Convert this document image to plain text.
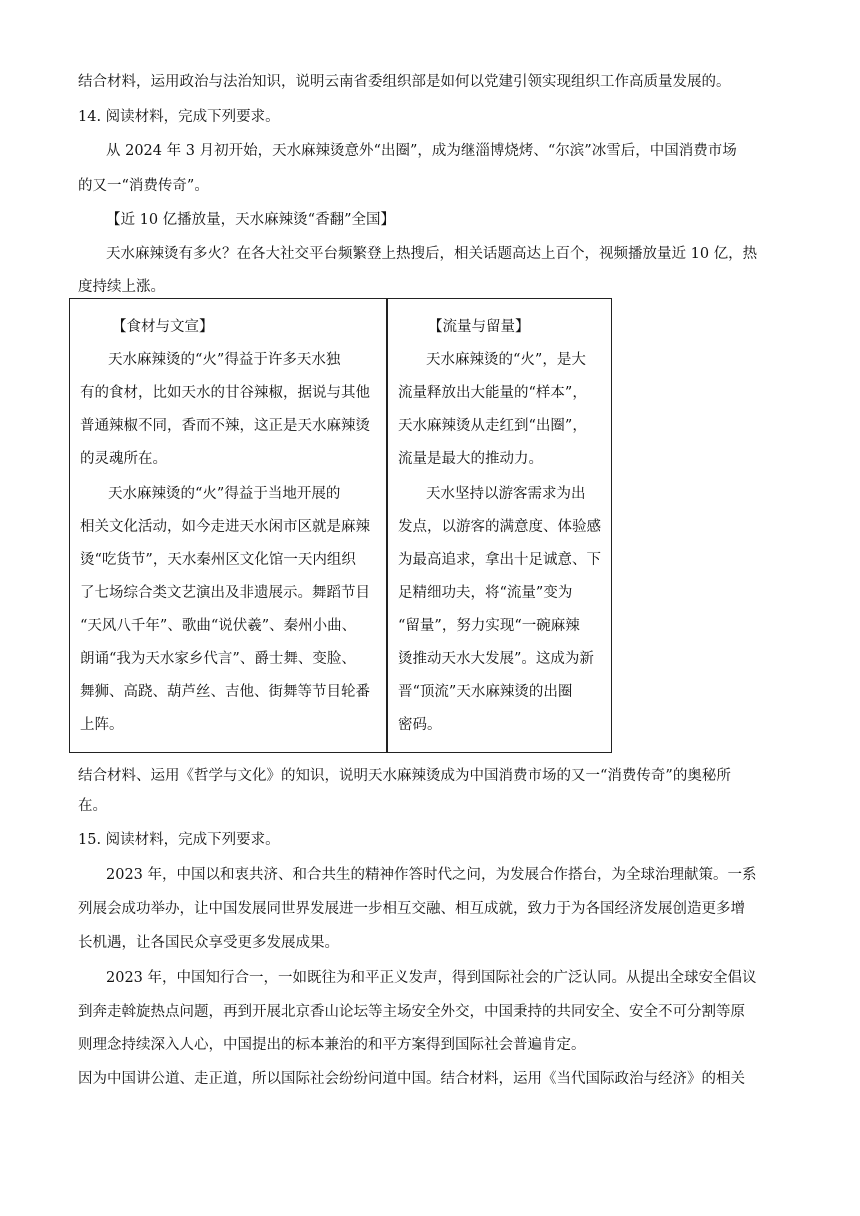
结合材料，运用政治与法治知识，说明云南省委组织部是如何以党建引领实现组织工作高质量发展的。
14. 阅读材料，完成下列要求。
从 2024 年 3 月初开始，天水麻辣烫意外“出圈”，成为继淄博烧烤、“尔滨”冰雪后，中国消费市场
的又一“消费传奇”。
【近 10 亿播放量，天水麻辣烫“香翻”全国】
天水麻辣烫有多火？在各大社交平台频繁登上热搜后，相关话题高达上百个，视频播放量近 10 亿，热
度持续上涨。
【食材与文宣】
天水麻辣烫的“火”得益于许多天水独
有的食材，比如天水的甘谷辣椒，据说与其他
普通辣椒不同，香而不辣，这正是天水麻辣烫
的灵魂所在。
天水麻辣烫的“火”得益于当地开展的
相关文化活动，如今走进天水闲市区就是麻辣
烫“吃货节”，天水秦州区文化馆一天内组织
了七场综合类文艺演出及非遗展示。舞蹈节目
“天风八千年”、歌曲“说伏羲”、秦州小曲、
朗诵“我为天水家乡代言”、爵士舞、变脸、
舞狮、高跷、葫芦丝、吉他、街舞等节目轮番
上阵。
【流量与留量】
天水麻辣烫的“火”，是大
流量释放出大能量的“样本”，
天水麻辣烫从走红到“出圈”，
流量是最大的推动力。
天水坚持以游客需求为出
发点，以游客的满意度、体验感
为最高追求，拿出十足诚意、下
足精细功夫，将“流量”变为
“留量”，努力实现“一碗麻辣
烫推动天水大发展”。这成为新
晋“顶流”天水麻辣烫的出圈
密码。
结合材料、运用《哲学与文化》的知识，说明天水麻辣烫成为中国消费市场的又一“消费传奇”的奥秘所
在。
15. 阅读材料，完成下列要求。
2023 年，中国以和衷共济、和合共生的精神作答时代之问，为发展合作搭台，为全球治理献策。一系
列展会成功举办，让中国发展同世界发展进一步相互交融、相互成就，致力于为各国经济发展创造更多增
长机遇，让各国民众享受更多发展成果。
2023 年，中国知行合一，一如既往为和平正义发声，得到国际社会的广泛认同。从提出全球安全倡议
到奔走斡旋热点问题，再到开展北京香山论坛等主场安全外交，中国秉持的共同安全、安全不可分割等原
则理念持续深入人心，中国提出的标本兼治的和平方案得到国际社会普遍肯定。
因为中国讲公道、走正道，所以国际社会纷纷问道中国。结合材料，运用《当代国际政治与经济》的相关
